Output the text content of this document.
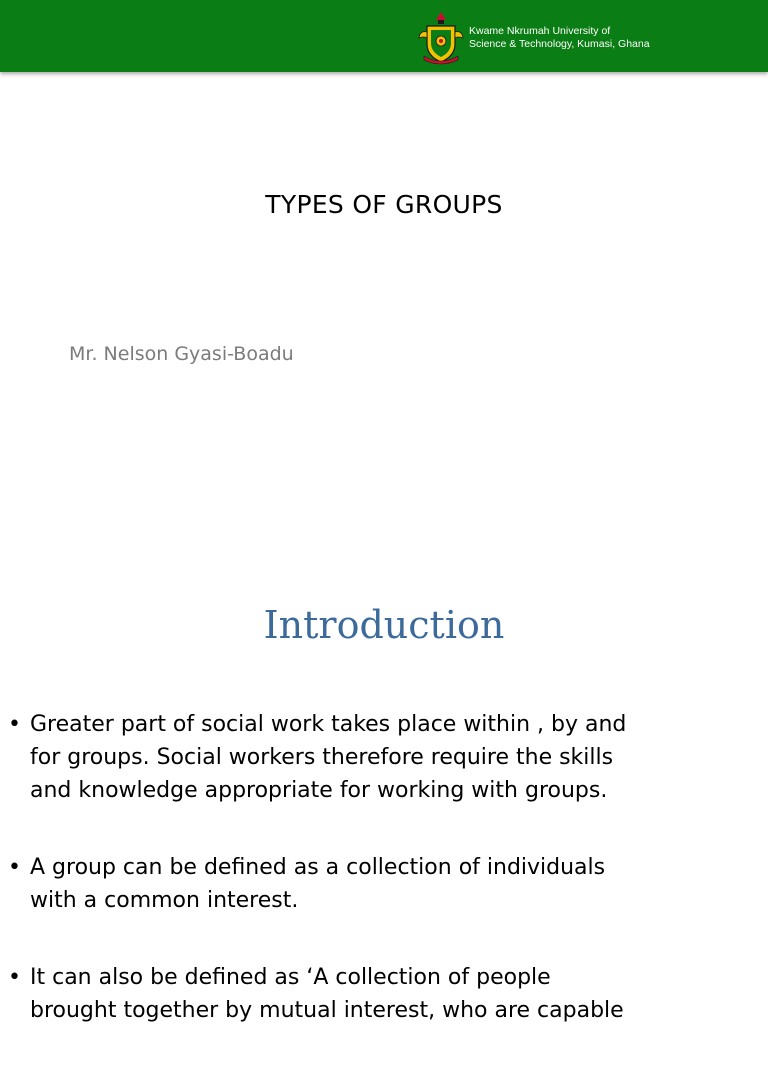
Kwame Nkrumah University of
Science & Technology, Kumasi, Ghana
TYPES OF GROUPS
Mr. Nelson Gyasi-Boadu
Introduction
• Greater part of social work takes place within , by and
for groups. Social workers therefore require the skills
and knowledge appropriate for working with groups.
• A group can be defined as a collection of individuals
with a common interest.
• It can also be defined as ‘A collection of people
brought together by mutual interest, who are capable
